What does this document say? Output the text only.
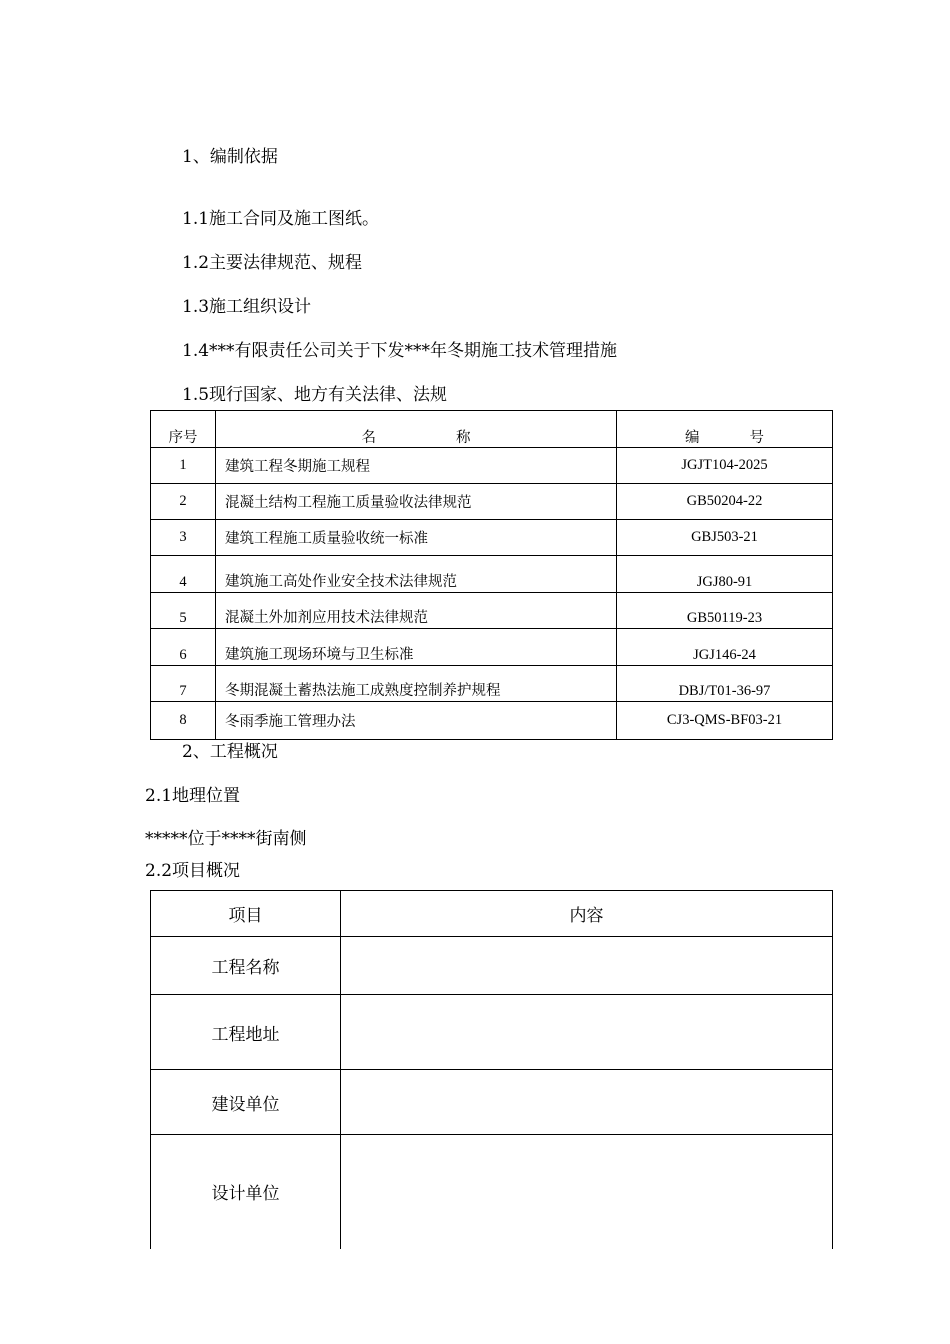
1、编制依据
1.1施工合同及施工图纸。
1.2主要法律规范、规程
1.3施工组织设计
1.4***有限责任公司关于下发***年冬期施工技术管理措施
1.5现行国家、地方有关法律、法规
序号	名 称	编 号
1	建筑工程冬期施工规程	JGJT104-2025
2	混凝土结构工程施工质量验收法律规范	GB50204-22
3	建筑工程施工质量验收统一标准	GBJ503-21
4	建筑施工高处作业安全技术法律规范	JGJ80-91
5	混凝土外加剂应用技术法律规范	GB50119-23
6	建筑施工现场环境与卫生标准	JGJ146-24
7	冬期混凝土蓄热法施工成熟度控制养护规程	DBJ/T01-36-97
8	冬雨季施工管理办法	CJ3-QMS-BF03-21
2、工程概况
2.1地理位置
*****位于****街南侧
2.2项目概况
项目	内容
工程名称	
工程地址	
建设单位	
设计单位	
